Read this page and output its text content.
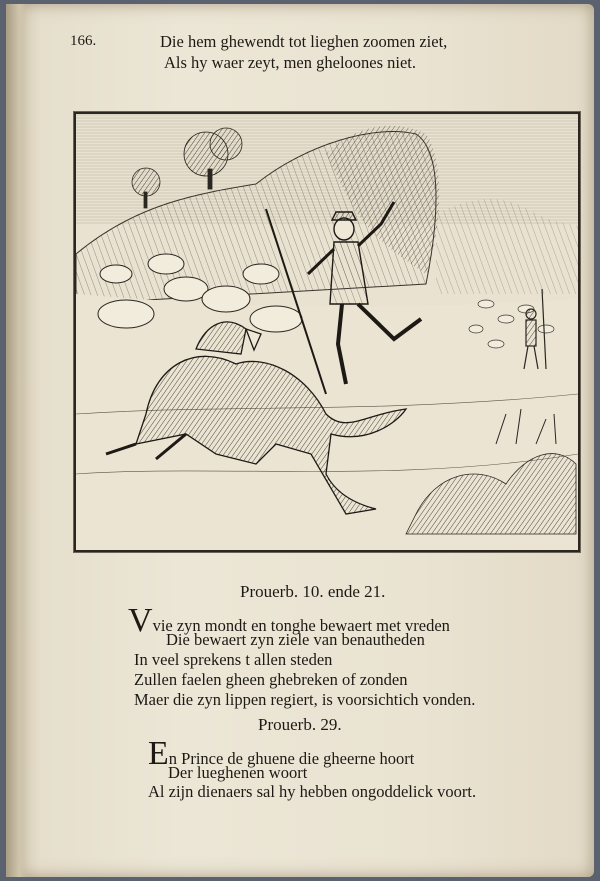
166.	Die hem ghewendt tot lieghen zoomen ziet,
Als hy waer zeyt, men gheloones niet.
Prouerb. 10. ende 21.
Vvie zyn mondt en tonghe bewaert met vreden
Die bewaert zyn ziele van benautheden
In veel sprekens t allen steden
Zullen faelen gheen ghebreken of zonden
Maer die zyn lippen regiert, is voorsichtich vonden.
Prouerb. 29.
En Prince de ghuene die gheerne hoort
Der lueghenen woort
Al zijn dienaers sal hy hebben ongoddelick voort.
